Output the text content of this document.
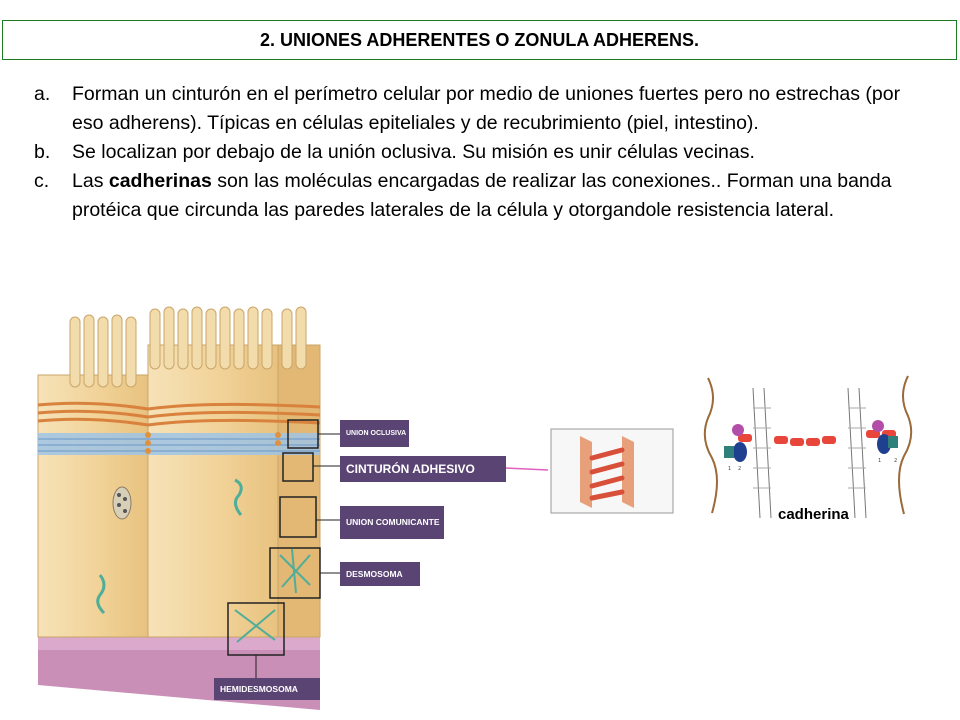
2. UNIONES ADHERENTES O ZONULA ADHERENS.
a.	Forman un cinturón en el perímetro celular por medio de uniones fuertes pero no estrechas (por eso adherens). Típicas en células epiteliales y de recubrimiento (piel, intestino).
b.	Se localizan por debajo de la unión oclusiva. Su misión es unir células vecinas.
c.	Las cadherinas son las moléculas encargadas de realizar las conexiones.. Forman una banda protéica que circunda las paredes laterales de la célula y otorgandole resistencia lateral.
UNION OCLUSIVA
CINTURÓN ADHESIVO
UNION COMUNICANTE
DESMOSOMA
HEMIDESMOSOMA
1 2
1	2
cadherina
